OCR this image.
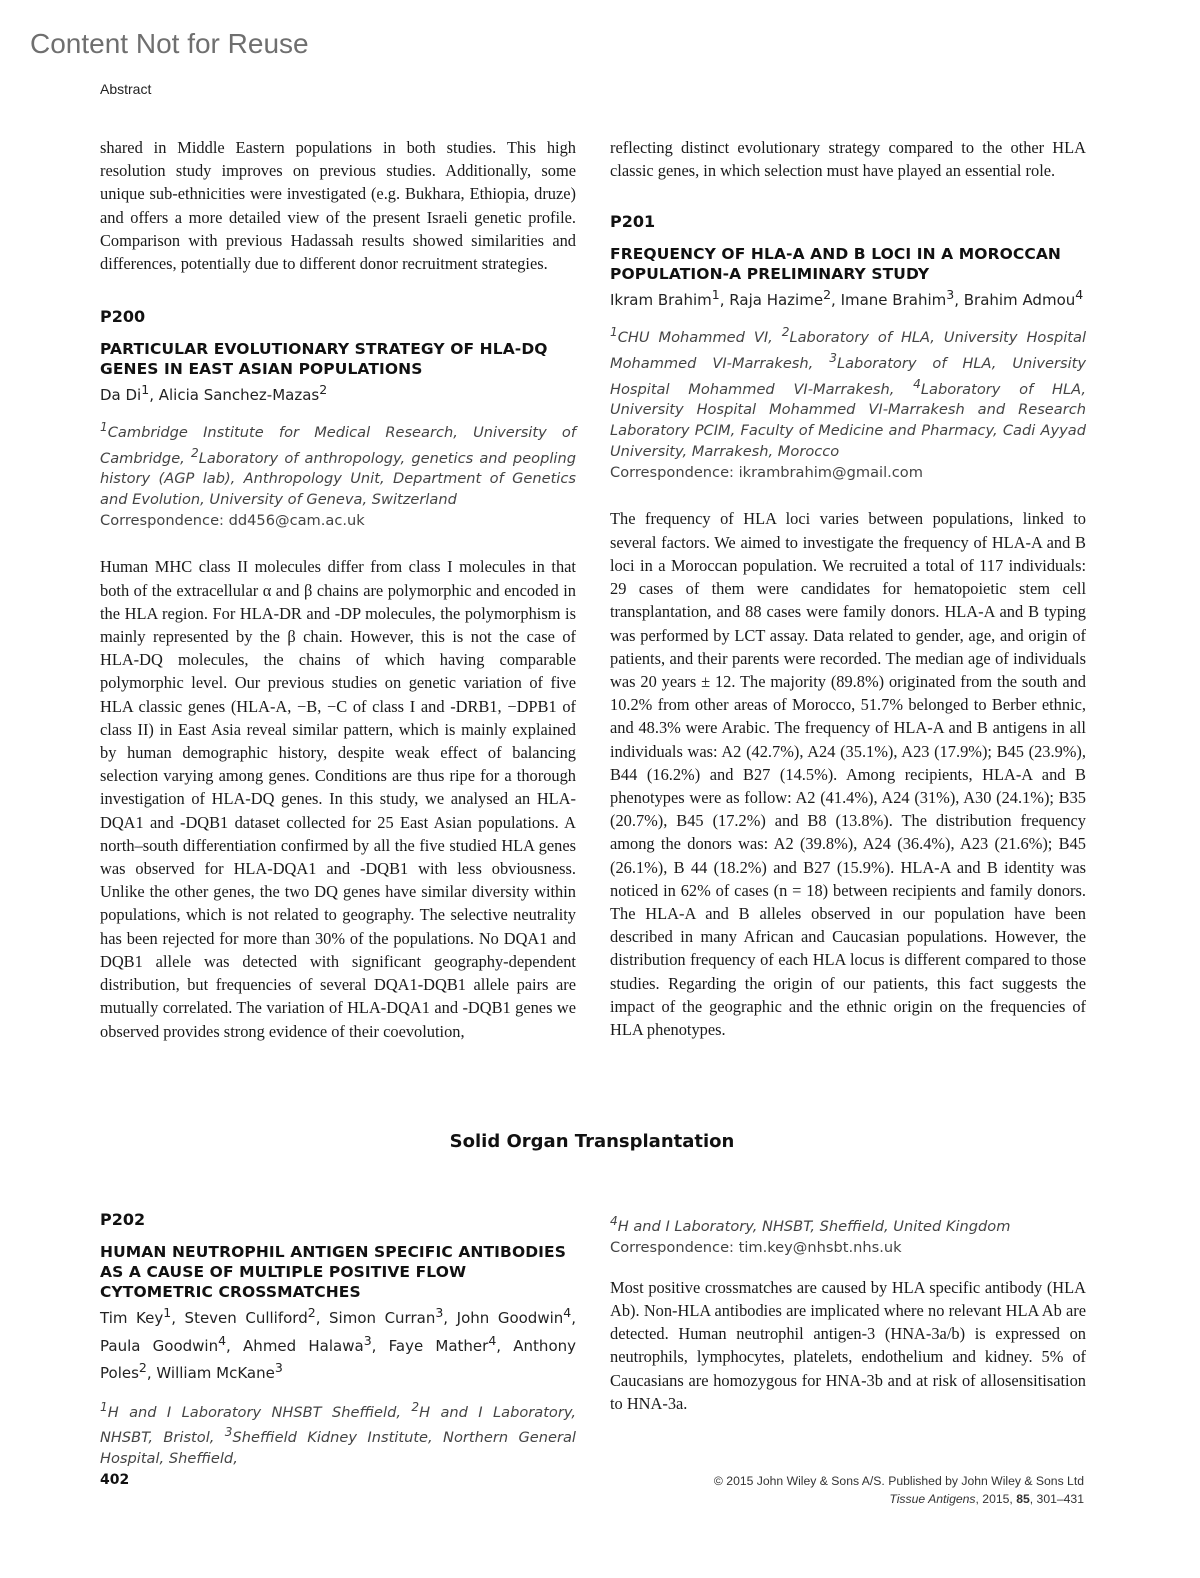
Content Not for Reuse
Abstract

shared in Middle Eastern populations in both studies. This high resolution study improves on previous studies. Additionally, some unique sub-ethnicities were investigated (e.g. Bukhara, Ethiopia, druze) and offers a more detailed view of the present Israeli genetic profile. Comparison with previous Hadassah results showed similarities and differences, potentially due to different donor recruitment strategies.

P200

PARTICULAR EVOLUTIONARY STRATEGY OF HLA-DQ GENES IN EAST ASIAN POPULATIONS

Da Di$^1$, Alicia Sanchez-Mazas$^2$

$^1$Cambridge Institute for Medical Research, University of Cambridge, $^2$Laboratory of anthropology, genetics and peopling history (AGP lab), Anthropology Unit, Department of Genetics and Evolution, University of Geneva, Switzerland

Correspondence: dd456@cam.ac.uk

Human MHC class II molecules differ from class I molecules in that both of the extracellular α and β chains are polymorphic and encoded in the HLA region. For HLA-DR and -DP molecules, the polymorphism is mainly represented by the β chain. However, this is not the case of HLA-DQ molecules, the chains of which having comparable polymorphic level. Our previous studies on genetic variation of five HLA classic genes (HLA-A, −B, −C of class I and -DRB1, −DPB1 of class II) in East Asia reveal similar pattern, which is mainly explained by human demographic history, despite weak effect of balancing selection varying among genes. Conditions are thus ripe for a thorough investigation of HLA-DQ genes. In this study, we analysed an HLA-DQA1 and -DQB1 dataset collected for 25 East Asian populations. A north–south differentiation confirmed by all the five studied HLA genes was observed for HLA-DQA1 and -DQB1 with less obviousness. Unlike the other genes, the two DQ genes have similar diversity within populations, which is not related to geography. The selective neutrality has been rejected for more than 30% of the populations. No DQA1 and DQB1 allele was detected with significant geography-dependent distribution, but frequencies of several DQA1-DQB1 allele pairs are mutually correlated. The variation of HLA-DQA1 and -DQB1 genes we observed provides strong evidence of their coevolution,

reflecting distinct evolutionary strategy compared to the other HLA classic genes, in which selection must have played an essential role.

P201

FREQUENCY OF HLA-A AND B LOCI IN A MOROCCAN POPULATION-A PRELIMINARY STUDY

Ikram Brahim$^1$, Raja Hazime$^2$, Imane Brahim$^3$, Brahim Admou$^4$

$^1$CHU Mohammed VI, $^2$Laboratory of HLA, University Hospital Mohammed VI-Marrakesh, $^3$Laboratory of HLA, University Hospital Mohammed VI-Marrakesh, $^4$Laboratory of HLA, University Hospital Mohammed VI-Marrakesh and Research Laboratory PCIM, Faculty of Medicine and Pharmacy, Cadi Ayyad University, Marrakesh, Morocco

Correspondence: ikrambrahim@gmail.com

The frequency of HLA loci varies between populations, linked to several factors. We aimed to investigate the frequency of HLA-A and B loci in a Moroccan population. We recruited a total of 117 individuals: 29 cases of them were candidates for hematopoietic stem cell transplantation, and 88 cases were family donors. HLA-A and B typing was performed by LCT assay. Data related to gender, age, and origin of patients, and their parents were recorded. The median age of individuals was 20 years ± 12. The majority (89.8%) originated from the south and 10.2% from other areas of Morocco, 51.7% belonged to Berber ethnic, and 48.3% were Arabic. The frequency of HLA-A and B antigens in all individuals was: A2 (42.7%), A24 (35.1%), A23 (17.9%); B45 (23.9%), B44 (16.2%) and B27 (14.5%). Among recipients, HLA-A and B phenotypes were as follow: A2 (41.4%), A24 (31%), A30 (24.1%); B35 (20.7%), B45 (17.2%) and B8 (13.8%). The distribution frequency among the donors was: A2 (39.8%), A24 (36.4%), A23 (21.6%); B45 (26.1%), B 44 (18.2%) and B27 (15.9%). HLA-A and B identity was noticed in 62% of cases (n = 18) between recipients and family donors. The HLA-A and B alleles observed in our population have been described in many African and Caucasian populations. However, the distribution frequency of each HLA locus is different compared to those studies. Regarding the origin of our patients, this fact suggests the impact of the geographic and the ethnic origin on the frequencies of HLA phenotypes.

Solid Organ Transplantation

P202

HUMAN NEUTROPHIL ANTIGEN SPECIFIC ANTIBODIES AS A CAUSE OF MULTIPLE POSITIVE FLOW CYTOMETRIC CROSSMATCHES

Tim Key$^1$, Steven Culliford$^2$, Simon Curran$^3$, John Goodwin$^4$, Paula Goodwin$^4$, Ahmed Halawa$^3$, Faye Mather$^4$, Anthony Poles$^2$, William McKane$^3$

$^1$H and I Laboratory NHSBT Sheffield, $^2$H and I Laboratory, NHSBT, Bristol, $^3$Sheffield Kidney Institute, Northern General Hospital, Sheffield,

$^4$H and I Laboratory, NHSBT, Sheffield, United Kingdom

Correspondence: tim.key@nhsbt.nhs.uk

Most positive crossmatches are caused by HLA specific antibody (HLA Ab). Non-HLA antibodies are implicated where no relevant HLA Ab are detected. Human neutrophil antigen-3 (HNA-3a/b) is expressed on neutrophils, lymphocytes, platelets, endothelium and kidney. 5% of Caucasians are homozygous for HNA-3b and at risk of allosensitisation to HNA-3a.

402	© 2015 John Wiley & Sons A/S. Published by John Wiley & Sons Ltd
Tissue Antigens, 2015, 85, 301–431
